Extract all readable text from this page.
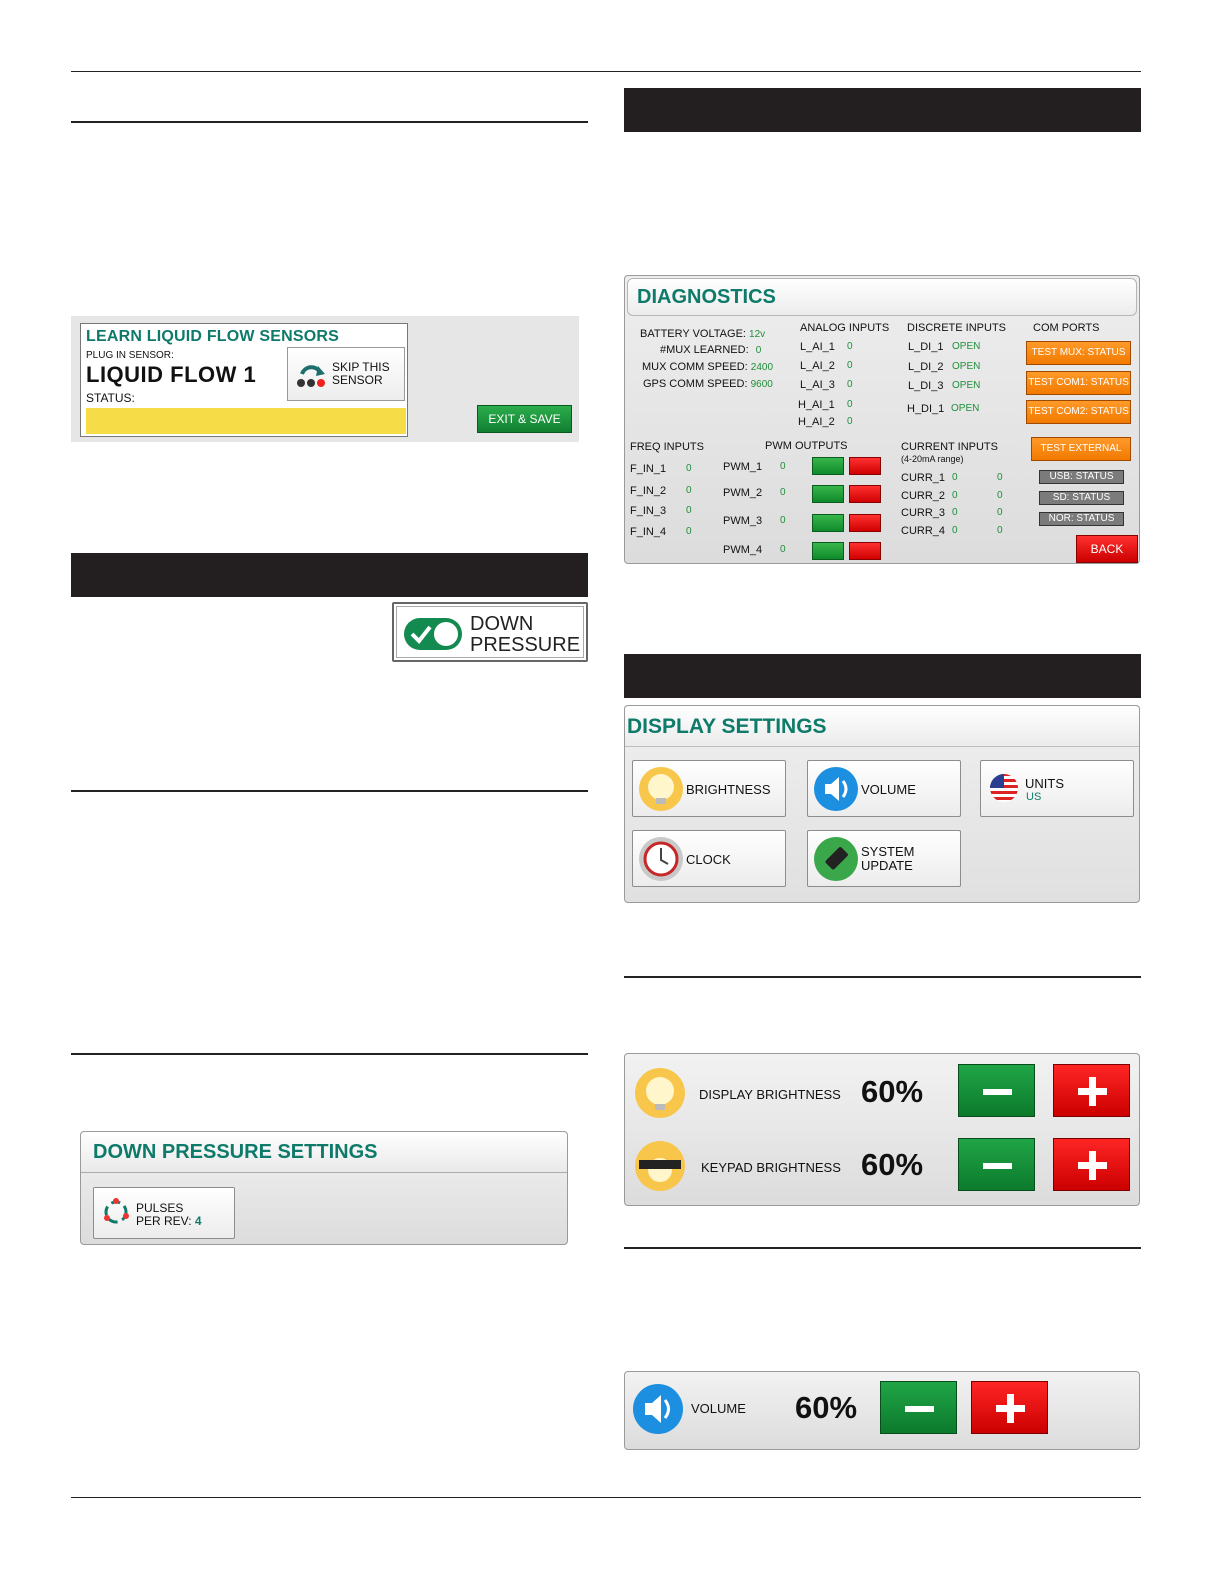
LEARN LIQUID FLOW SENSORS
PLUG IN SENSOR:
LIQUID FLOW 1
STATUS:
SKIP THIS
SENSOR
EXIT & SAVE
DOWN
PRESSURE
DOWN PRESSURE SETTINGS
PULSES
PER REV: 4
DIAGNOSTICS
BATTERY VOLTAGE: 12v
#MUX LEARNED: 0
MUX COMM SPEED: 2400
GPS COMM SPEED: 9600
ANALOG INPUTS
L_AI_1 0
L_AI_2 0
L_AI_3 0
H_AI_1 0
H_AI_2 0
DISCRETE INPUTS
L_DI_1 OPEN
L_DI_2 OPEN
L_DI_3 OPEN
H_DI_1 OPEN
COM PORTS
TEST MUX: STATUS
TEST COM1: STATUS
TEST COM2: STATUS
TEST EXTERNAL
USB: STATUS
SD: STATUS
NOR: STATUS
FREQ INPUTS
F_IN_1 0
F_IN_2 0
F_IN_3 0
F_IN_4 0
PWM OUTPUTS
PWM_1 0
PWM_2 0
PWM_3 0
PWM_4 0
CURRENT INPUTS
(4-20mA range)
CURR_1 0	0
CURR_2 0	0
CURR_3 0	0
CURR_4 0	0
BACK
DISPLAY SETTINGS
BRIGHTNESS	VOLUME	UNITS
US
CLOCK
SYSTEM
UPDATE
DISPLAY BRIGHTNESS 60%
KEYPAD BRIGHTNESS 60%
VOLUME 60%
